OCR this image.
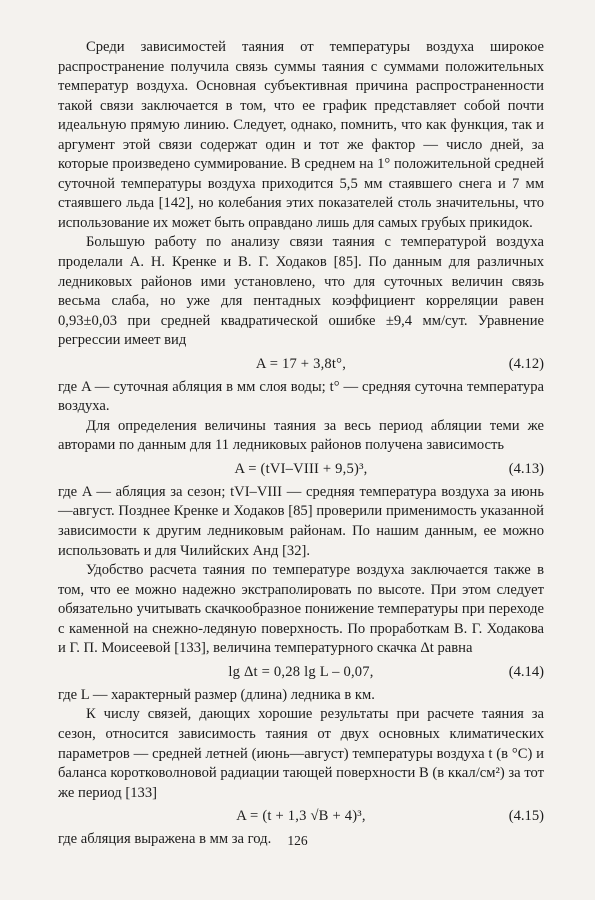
Среди зависимостей таяния от температуры воздуха широкое распространение получила связь суммы таяния с суммами положительных температур воздуха. Основная субъективная причина распространенности такой связи заключается в том, что ее график представляет собой почти идеальную прямую линию. Следует, однако, помнить, что как функция, так и аргумент этой связи содержат один и тот же фактор — число дней, за которые произведено суммирование. В среднем на 1° положительной средней суточной температуры воздуха приходится 5,5 мм стаявшего снега и 7 мм стаявшего льда [142], но колебания этих показателей столь значительны, что использование их может быть оправдано лишь для самых грубых прикидок.

Большую работу по анализу связи таяния с температурой воздуха проделали А. Н. Кренке и В. Г. Ходаков [85]. По данным для различных ледниковых районов ими установлено, что для суточных величин связь весьма слаба, но уже для пентадных коэффициент корреляции равен 0,93±0,03 при средней квадратической ошибке ±9,4 мм/сут. Уравнение регрессии имеет вид

A = 17 + 3,8t°,	(4.12)

где A — суточная абляция в мм слоя воды; t° — средняя суточна температура воздуха.

Для определения величины таяния за весь период абляции теми же авторами по данным для 11 ледниковых районов получена зависимость

A = (tVI–VIII + 9,5)³,	(4.13)

где A — абляция за сезон; tVI–VIII — средняя температура воздуха за июнь—август. Позднее Кренке и Ходаков [85] проверили применимость указанной зависимости к другим ледниковым районам. По нашим данным, ее можно использовать и для Чилийских Анд [32].

Удобство расчета таяния по температуре воздуха заключается также в том, что ее можно надежно экстраполировать по высоте. При этом следует обязательно учитывать скачкообразное понижение температуры при переходе с каменной на снежно-ледяную поверхность. По проработкам В. Г. Ходакова и Г. П. Моисеевой [133], величина температурного скачка Δt равна

lg Δt = 0,28 lg L – 0,07,	(4.14)

где L — характерный размер (длина) ледника в км.

К числу связей, дающих хорошие результаты при расчете таяния за сезон, относится зависимость таяния от двух основных климатических параметров — средней летней (июнь—август) температуры воздуха t (в °С) и баланса коротковолновой радиации тающей поверхности B (в ккал/см²) за тот же период [133]

A = (t + 1,3 √B + 4)³,	(4.15)

где абляция выражена в мм за год.	126
